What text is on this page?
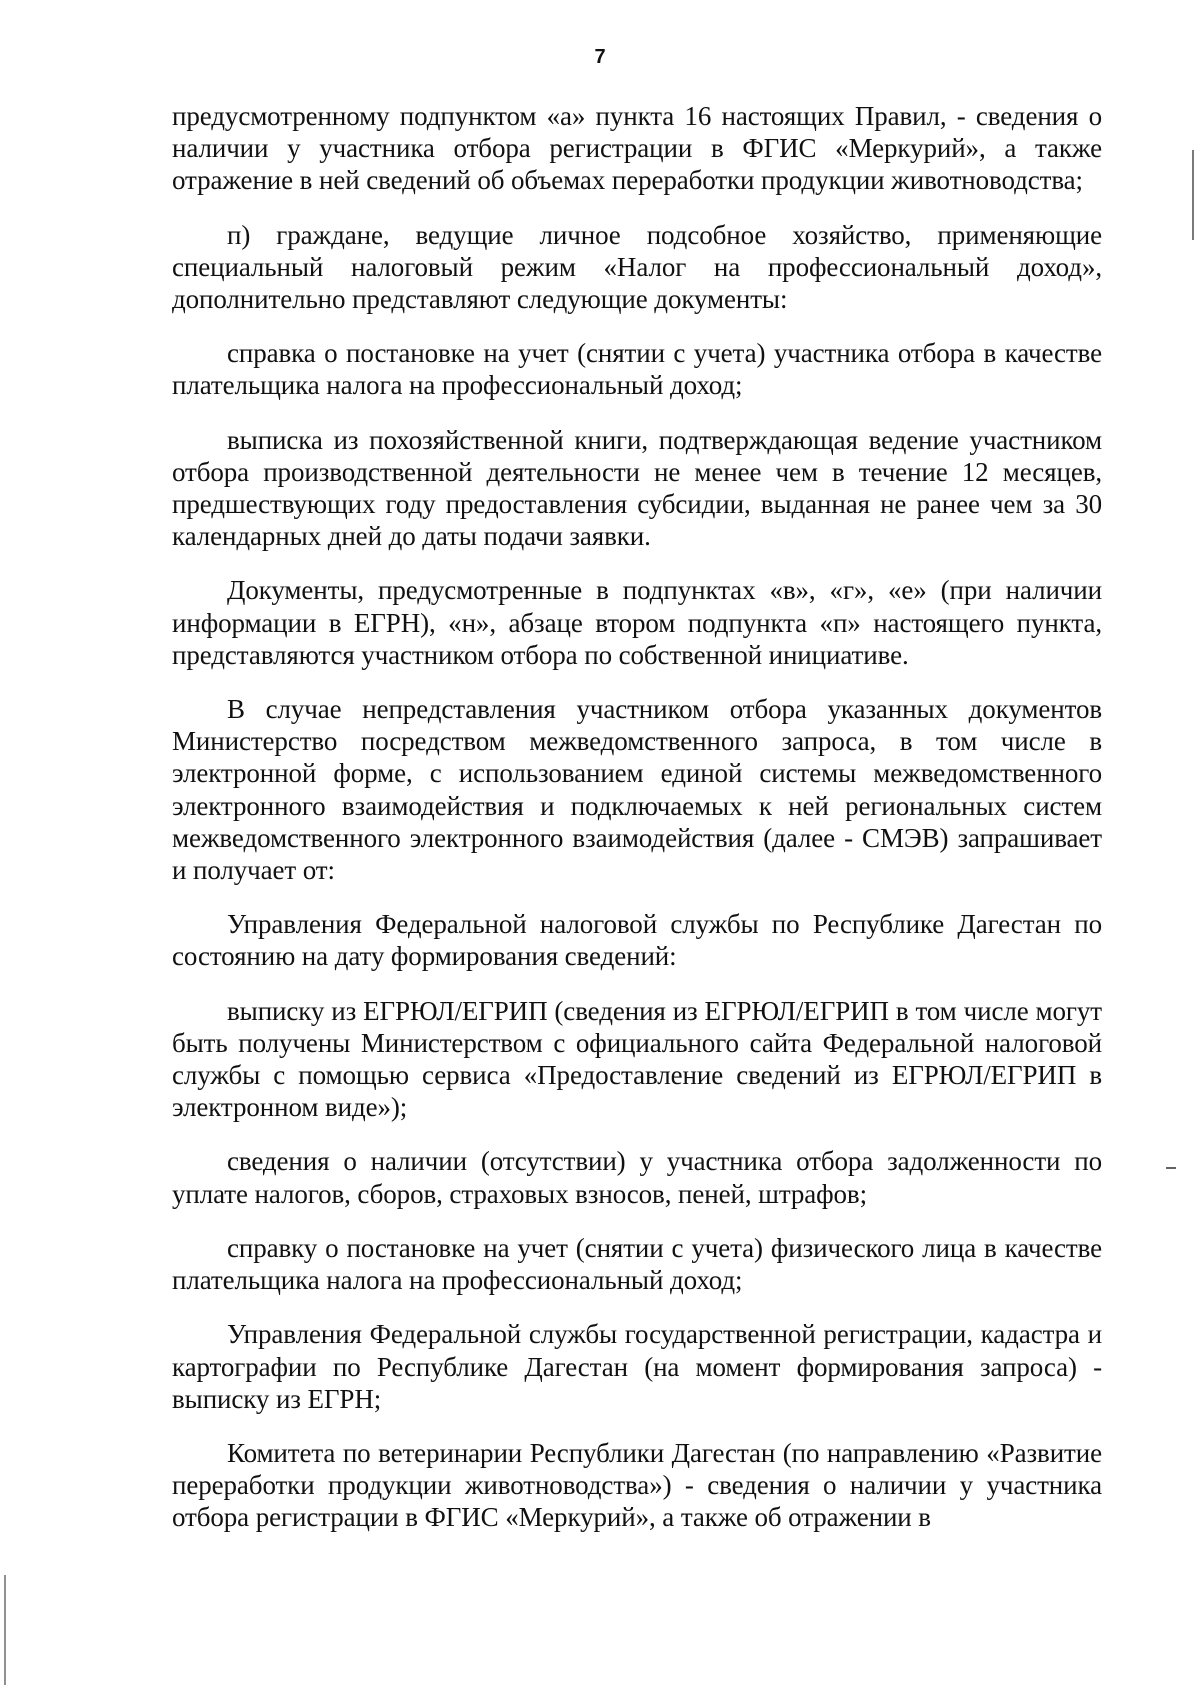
7

предусмотренному подпунктом «а» пункта 16 настоящих Правил, - сведения о наличии у участника отбора регистрации в ФГИС «Меркурий», а также отражение в ней сведений об объемах переработки продукции животноводства;

п) граждане, ведущие личное подсобное хозяйство, применяющие специальный налоговый режим «Налог на профессиональный доход», дополнительно представляют следующие документы:

справка о постановке на учет (снятии с учета) участника отбора в качестве плательщика налога на профессиональный доход;

выписка из похозяйственной книги, подтверждающая ведение участником отбора производственной деятельности не менее чем в течение 12 месяцев, предшествующих году предоставления субсидии, выданная не ранее чем за 30 календарных дней до даты подачи заявки.

Документы, предусмотренные в подпунктах «в», «г», «е» (при наличии информации в ЕГРН), «н», абзаце втором подпункта «п» настоящего пункта, представляются участником отбора по собственной инициативе.

В случае непредставления участником отбора указанных документов Министерство посредством межведомственного запроса, в том числе в электронной форме, с использованием единой системы межведомственного электронного взаимодействия и подключаемых к ней региональных систем межведомственного электронного взаимодействия (далее - СМЭВ) запрашивает и получает от:

Управления Федеральной налоговой службы по Республике Дагестан по состоянию на дату формирования сведений:

выписку из ЕГРЮЛ/ЕГРИП (сведения из ЕГРЮЛ/ЕГРИП в том числе могут быть получены Министерством с официального сайта Федеральной налоговой службы с помощью сервиса «Предоставление сведений из ЕГРЮЛ/ЕГРИП в электронном виде»);

сведения о наличии (отсутствии) у участника отбора задолженности по уплате налогов, сборов, страховых взносов, пеней, штрафов;

справку о постановке на учет (снятии с учета) физического лица в качестве плательщика налога на профессиональный доход;

Управления Федеральной службы государственной регистрации, кадастра и картографии по Республике Дагестан (на момент формирования запроса) - выписку из ЕГРН;

Комитета по ветеринарии Республики Дагестан (по направлению «Развитие переработки продукции животноводства») - сведения о наличии у участника отбора регистрации в ФГИС «Меркурий», а также об отражении в
